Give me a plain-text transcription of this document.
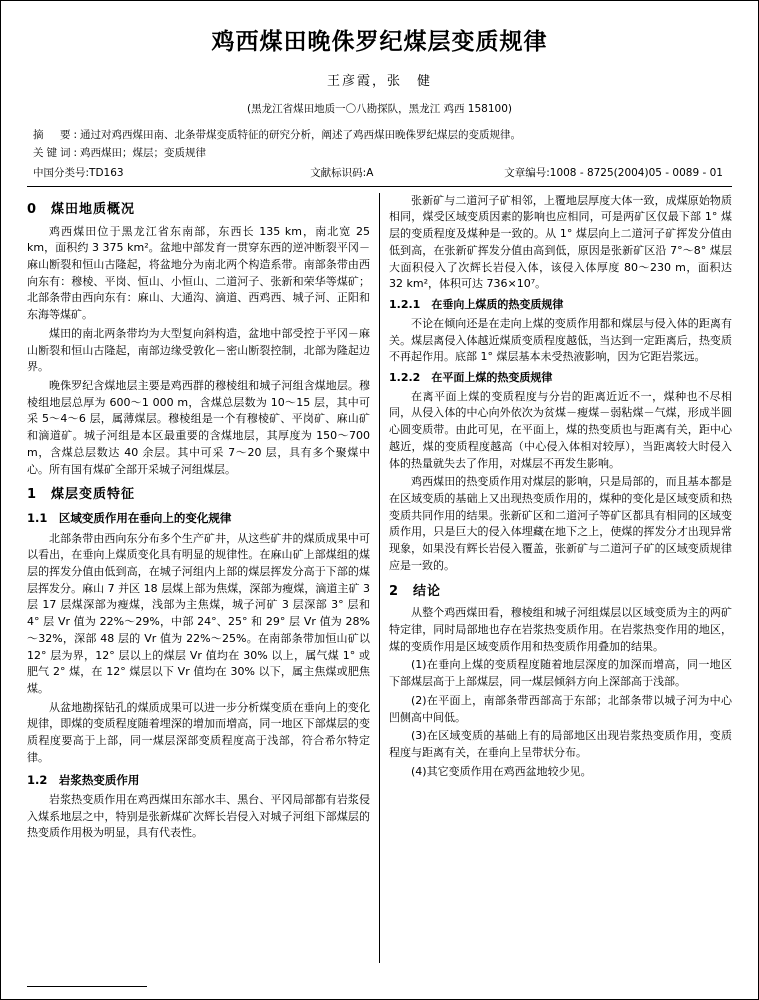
鸡西煤田晚侏罗纪煤层变质规律
王彦霞，张　健
(黑龙江省煤田地质一〇八勘探队，黑龙江 鸡西 158100)
摘　要:通过对鸡西煤田南、北条带煤变质特征的研究分析，阐述了鸡西煤田晚侏罗纪煤层的变质规律。
关键词:鸡西煤田；煤层；变质规律
中国分类号:TD163	文献标识码:A	文章编号:1008 - 8725(2004)05 - 0089 - 01
0　煤田地质概况

鸡西煤田位于黑龙江省东南部，东西长 135 km，南北宽 25 km，面积约 3 375 km²。盆地中部发育一贯穿东西的逆冲断裂平冈－麻山断裂和恒山古隆起，将盆地分为南北两个构造系带。南部条带由西向东有：穆棱、平岗、恒山、小恒山、二道河子、张新和荣华等煤矿；北部条带由西向东有：麻山、大通沟、滴道、西鸡西、城子河、正阳和东海等煤矿。

煤田的南北两条带均为大型复向斜构造，盆地中部受控于平冈－麻山断裂和恒山古隆起，南部边缘受敦化－密山断裂控制，北部为隆起边界。

晚侏罗纪含煤地层主要是鸡西群的穆棱组和城子河组含煤地层。穆棱组地层总厚为 600～1 000 m，含煤总层数为 10～15 层，其中可采 5～4～6 层，属薄煤层。穆棱组是一个有穆棱矿、平岗矿、麻山矿和滴道矿。城子河组是本区最重要的含煤地层，其厚度为 150～700 m，含煤总层数达 40 余层。其中可采 7～20 层，具有多个聚煤中心。所有国有煤矿全部开采城子河组煤层。

1　煤层变质特征
1.1　区域变质作用在垂向上的变化规律

北部条带由西向东分布多个生产矿井，从这些矿井的煤质成果中可以看出，在垂向上煤质变化具有明显的规律性。在麻山矿上部煤组的煤层的挥发分值由低到高，在城子河组内上部的煤层挥发分高于下部的煤层挥发分。麻山 7 并区 18 层煤上部为焦煤，深部为瘦煤，滴道主矿 3 层 17 层煤深部为瘦煤，浅部为主焦煤，城子河矿 3 层深部 3° 层和 4° 层 Vr 值为 22%～29%，中部 24°、25° 和 29° 层 Vr 值为 28%～32%，深部 48 层的 Vr 值为 22%～25%。在南部条带加恒山矿以 12° 层为界，12° 层以上的煤层 Vr 值均在 30% 以上，属气煤 1° 或肥气 2° 煤，在 12° 煤层以下 Vr 值均在 30% 以下，属主焦煤或肥焦煤。

从盆地勘探钻孔的煤质成果可以进一步分析煤变质在垂向上的变化规律，即煤的变质程度随着埋深的增加而增高，同一地区下部煤层的变质程度要高于上部，同一煤层深部变质程度高于浅部，符合希尔特定律。

1.2　岩浆热变质作用

岩浆热变质作用在鸡西煤田东部水丰、黑台、平冈局部都有岩浆侵入煤系地层之中，特别是张新煤矿次辉长岩侵入对城子河组下部煤层的热变质作用极为明显，具有代表性。

张新矿与二道河子矿相邻，上覆地层厚度大体一致，成煤原始物质相同，煤受区域变质因素的影响也应相同，可是两矿区仅最下部 1° 煤层的变质程度及煤种是一致的。从 1° 煤层向上二道河子矿挥发分值由低到高，在张新矿挥发分值由高到低，原因是张新矿区沿 7°～8° 煤层大面积侵入了次辉长岩侵入体，该侵入体厚度 80～230 m，面积达 32 km²，体积可达 736×10⁷。

1.2.1　在垂向上煤质的热变质规律

不论在倾向还是在走向上煤的变质作用都和煤层与侵入体的距离有关。煤层离侵入体越近煤质变质程度越低，当达到一定距离后，热变质不再起作用。底部 1° 煤层基本未受热液影响，因为它距岩浆远。

1.2.2　在平面上煤的热变质规律

在离平面上煤的变质程度与分岩的距离近近不一，煤种也不尽相同，从侵入体的中心向外依次为贫煤－瘦煤－弱粘煤－气煤，形成半圆心圆变质带。由此可见，在平面上，煤的热变质也与距离有关，距中心越近，煤的变质程度越高（中心侵入体相对较厚），当距离较大时侵入体的热量就失去了作用，对煤层不再发生影响。

鸡西煤田的热变质作用对煤层的影响，只是局部的，而且基本都是在区域变质的基础上又出现热变质作用的，煤种的变化是区域变质和热变质共同作用的结果。张新矿区和二道河子等矿区都具有相同的区域变质作用，只是巨大的侵入体埋藏在地下之上，使煤的挥发分才出现异常现象，如果没有辉长岩侵入覆盖，张新矿与二道河子矿的区域变质规律应是一致的。

2　结论

从整个鸡西煤田看，穆棱组和城子河组煤层以区域变质为主的两矿特定律，同时局部地也存在岩浆热变质作用。在岩浆热变作用的地区，煤的变质作用是区域变质作用和热变质作用叠加的结果。

(1)在垂向上煤的变质程度随着地层深度的加深而增高，同一地区下部煤层高于上部煤层，同一煤层倾斜方向上深部高于浅部。

(2)在平面上，南部条带西部高于东部；北部条带以城子河为中心凹侧高中间低。

(3)在区域变质的基础上有的局部地区出现岩浆热变质作用，变质程度与距离有关，在垂向上呈带状分布。

(4)其它变质作用在鸡西盆地较少见。
